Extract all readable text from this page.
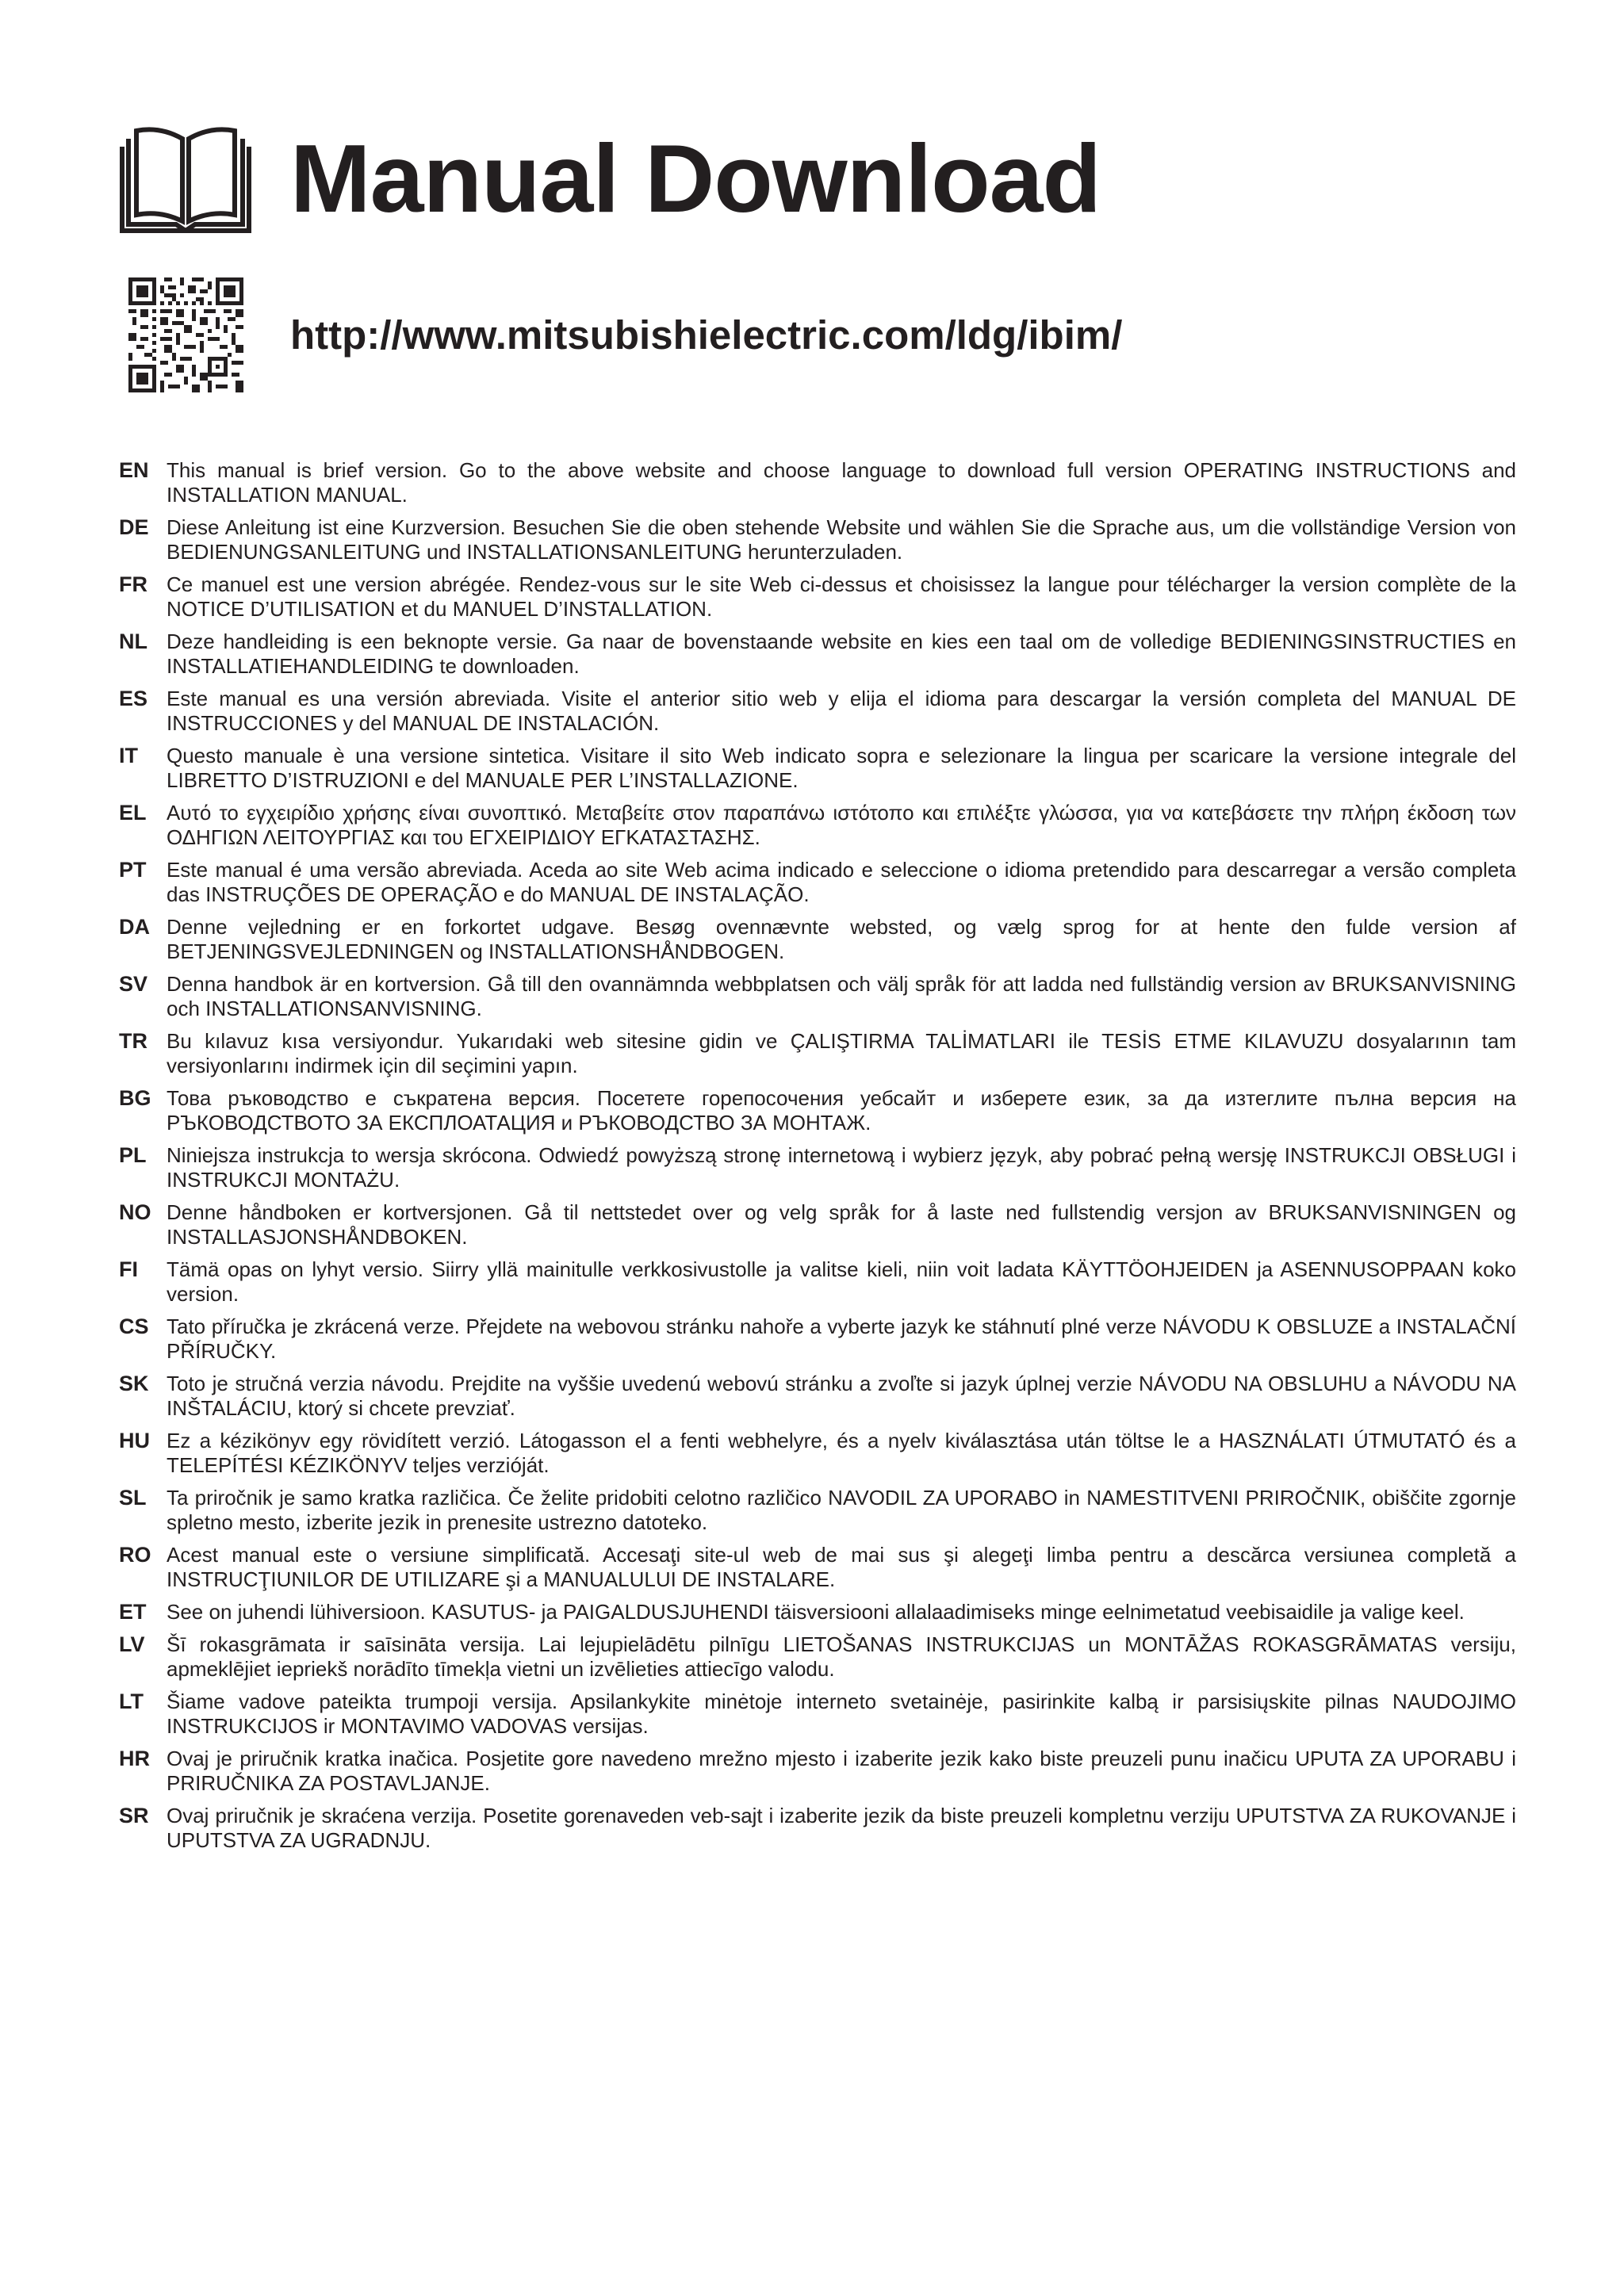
Manual Download
http://www.mitsubishielectric.com/ldg/ibim/
EN This manual is brief version. Go to the above website and choose language to download full version OPERATING INSTRUCTIONS and INSTALLATION MANUAL.
DE Diese Anleitung ist eine Kurzversion. Besuchen Sie die oben stehende Website und wählen Sie die Sprache aus, um die vollständige Version von BEDIENUNGSANLEITUNG und INSTALLATIONSANLEITUNG herunterzuladen.
FR Ce manuel est une version abrégée. Rendez-vous sur le site Web ci-dessus et choisissez la langue pour télécharger la version complète de la NOTICE D’UTILISATION et du MANUEL D’INSTALLATION.
NL Deze handleiding is een beknopte versie. Ga naar de bovenstaande website en kies een taal om de volledige BEDIENINGSINSTRUCTIES en INSTALLATIEHANDLEIDING te downloaden.
ES Este manual es una versión abreviada. Visite el anterior sitio web y elija el idioma para descargar la versión completa del MANUAL DE INSTRUCCIONES y del MANUAL DE INSTALACIÓN.
IT	Questo manuale è una versione sintetica. Visitare il sito Web indicato sopra e selezionare la lingua per scaricare la versione integrale del LIBRETTO D’ISTRUZIONI e del MANUALE PER L’INSTALLAZIONE.
EL Αυτό το εγχειρίδιο χρήσης είναι συνοπτικό. Μεταβείτε στον παραπάνω ιστότοπο και επιλέξτε γλώσσα, για να κατεβάσετε την πλήρη έκδοση των ΟΔΗΓΙΩΝ ΛΕΙΤΟΥΡΓΙΑΣ και του ΕΓΧΕΙΡΙΔΙΟΥ ΕΓΚΑΤΑΣΤΑΣΗΣ.
PT Este manual é uma versão abreviada. Aceda ao site Web acima indicado e seleccione o idioma pretendido para descarregar a versão completa das INSTRUÇÕES DE OPERAÇÃO e do MANUAL DE INSTALAÇÃO.
DA Denne vejledning er en forkortet udgave. Besøg ovennævnte websted, og vælg sprog for at hente den fulde version af BETJENINGSVEJLEDNINGEN og INSTALLATIONSHÅNDBOGEN.
SV Denna handbok är en kortversion. Gå till den ovannämnda webbplatsen och välj språk för att ladda ned fullständig version av BRUKSANVISNING och INSTALLATIONSANVISNING.
TR Bu kılavuz kısa versiyondur. Yukarıdaki web sitesine gidin ve ÇALIŞTIRMA TALİMATLARI ile TESİS ETME KILAVUZU dosyalarının tam versiyonlarını indirmek için dil seçimini yapın.
BG Това ръководство е съкратена версия. Посетете горепосочения уебсайт и изберете език, за да изтеглите пълна версия на РЪКОВОДСТВОТО ЗА ЕКСПЛОАТАЦИЯ и РЪКОВОДСТВО ЗА МОНТАЖ.
PL Niniejsza instrukcja to wersja skrócona. Odwiedź powyższą stronę internetową i wybierz język, aby pobrać pełną wersję INSTRUKCJI OBSŁUGI i INSTRUKCJI MONTAŻU.
NO Denne håndboken er kortversjonen. Gå til nettstedet over og velg språk for å laste ned fullstendig versjon av BRUKSANVISNINGEN og INSTALLASJONSHÅNDBOKEN.
FI	Tämä opas on lyhyt versio. Siirry yllä mainitulle verkkosivustolle ja valitse kieli, niin voit ladata KÄYTTÖOHJEIDEN ja ASENNUSOPPAAN koko version.
CS Tato příručka je zkrácená verze. Přejdete na webovou stránku nahoře a vyberte jazyk ke stáhnutí plné verze NÁVODU K OBSLUZE a INSTALAČNÍ PŘÍRUČKY.
SK Toto je stručná verzia návodu. Prejdite na vyššie uvedenú webovú stránku a zvoľte si jazyk úplnej verzie NÁVODU NA OBSLUHU a NÁVODU NA INŠTALÁCIU, ktorý si chcete prevziať.
HU Ez a kézikönyv egy rövidített verzió. Látogasson el a fenti webhelyre, és a nyelv kiválasztása után töltse le a HASZNÁLATI ÚTMUTATÓ és a TELEPÍTÉSI KÉZIKÖNYV teljes verzióját.
SL Ta priročnik je samo kratka različica. Če želite pridobiti celotno različico NAVODIL ZA UPORABO in NAMESTITVENI PRIROČNIK, obiščite zgornje spletno mesto, izberite jezik in prenesite ustrezno datoteko.
RO Acest manual este o versiune simplificată. Accesaţi site-ul web de mai sus şi alegeţi limba pentru a descărca versiunea completă a INSTRUCŢIUNILOR DE UTILIZARE şi a MANUALULUI DE INSTALARE.
ET See on juhendi lühiversioon. KASUTUS- ja PAIGALDUSJUHENDI täisversiooni allalaadimiseks minge eelnimetatud veebisaidile ja valige keel.
LV	Šī rokasgrāmata ir saīsināta versija. Lai lejupielādētu pilnīgu LIETOŠANAS INSTRUKCIJAS un MONTĀŽAS ROKASGRĀMATAS versiju, apmeklējiet iepriekš norādīto tīmekļa vietni un izvēlieties attiecīgo valodu.
LT	Šiame vadove pateikta trumpoji versija. Apsilankykite minėtoje interneto svetainėje, pasirinkite kalbą ir parsisiųskite pilnas NAUDOJIMO INSTRUKCIJOS ir MONTAVIMO VADOVAS versijas.
HR Ovaj je priručnik kratka inačica. Posjetite gore navedeno mrežno mjesto i izaberite jezik kako biste preuzeli punu inačicu UPUTA ZA UPORABU i PRIRUČNIKA ZA POSTAVLJANJE.
SR Ovaj priručnik je skraćena verzija. Posetite gorenaveden veb-sajt i izaberite jezik da biste preuzeli kompletnu verziju UPUTSTVA ZA RUKOVANJE i UPUTSTVA ZA UGRADNJU.
